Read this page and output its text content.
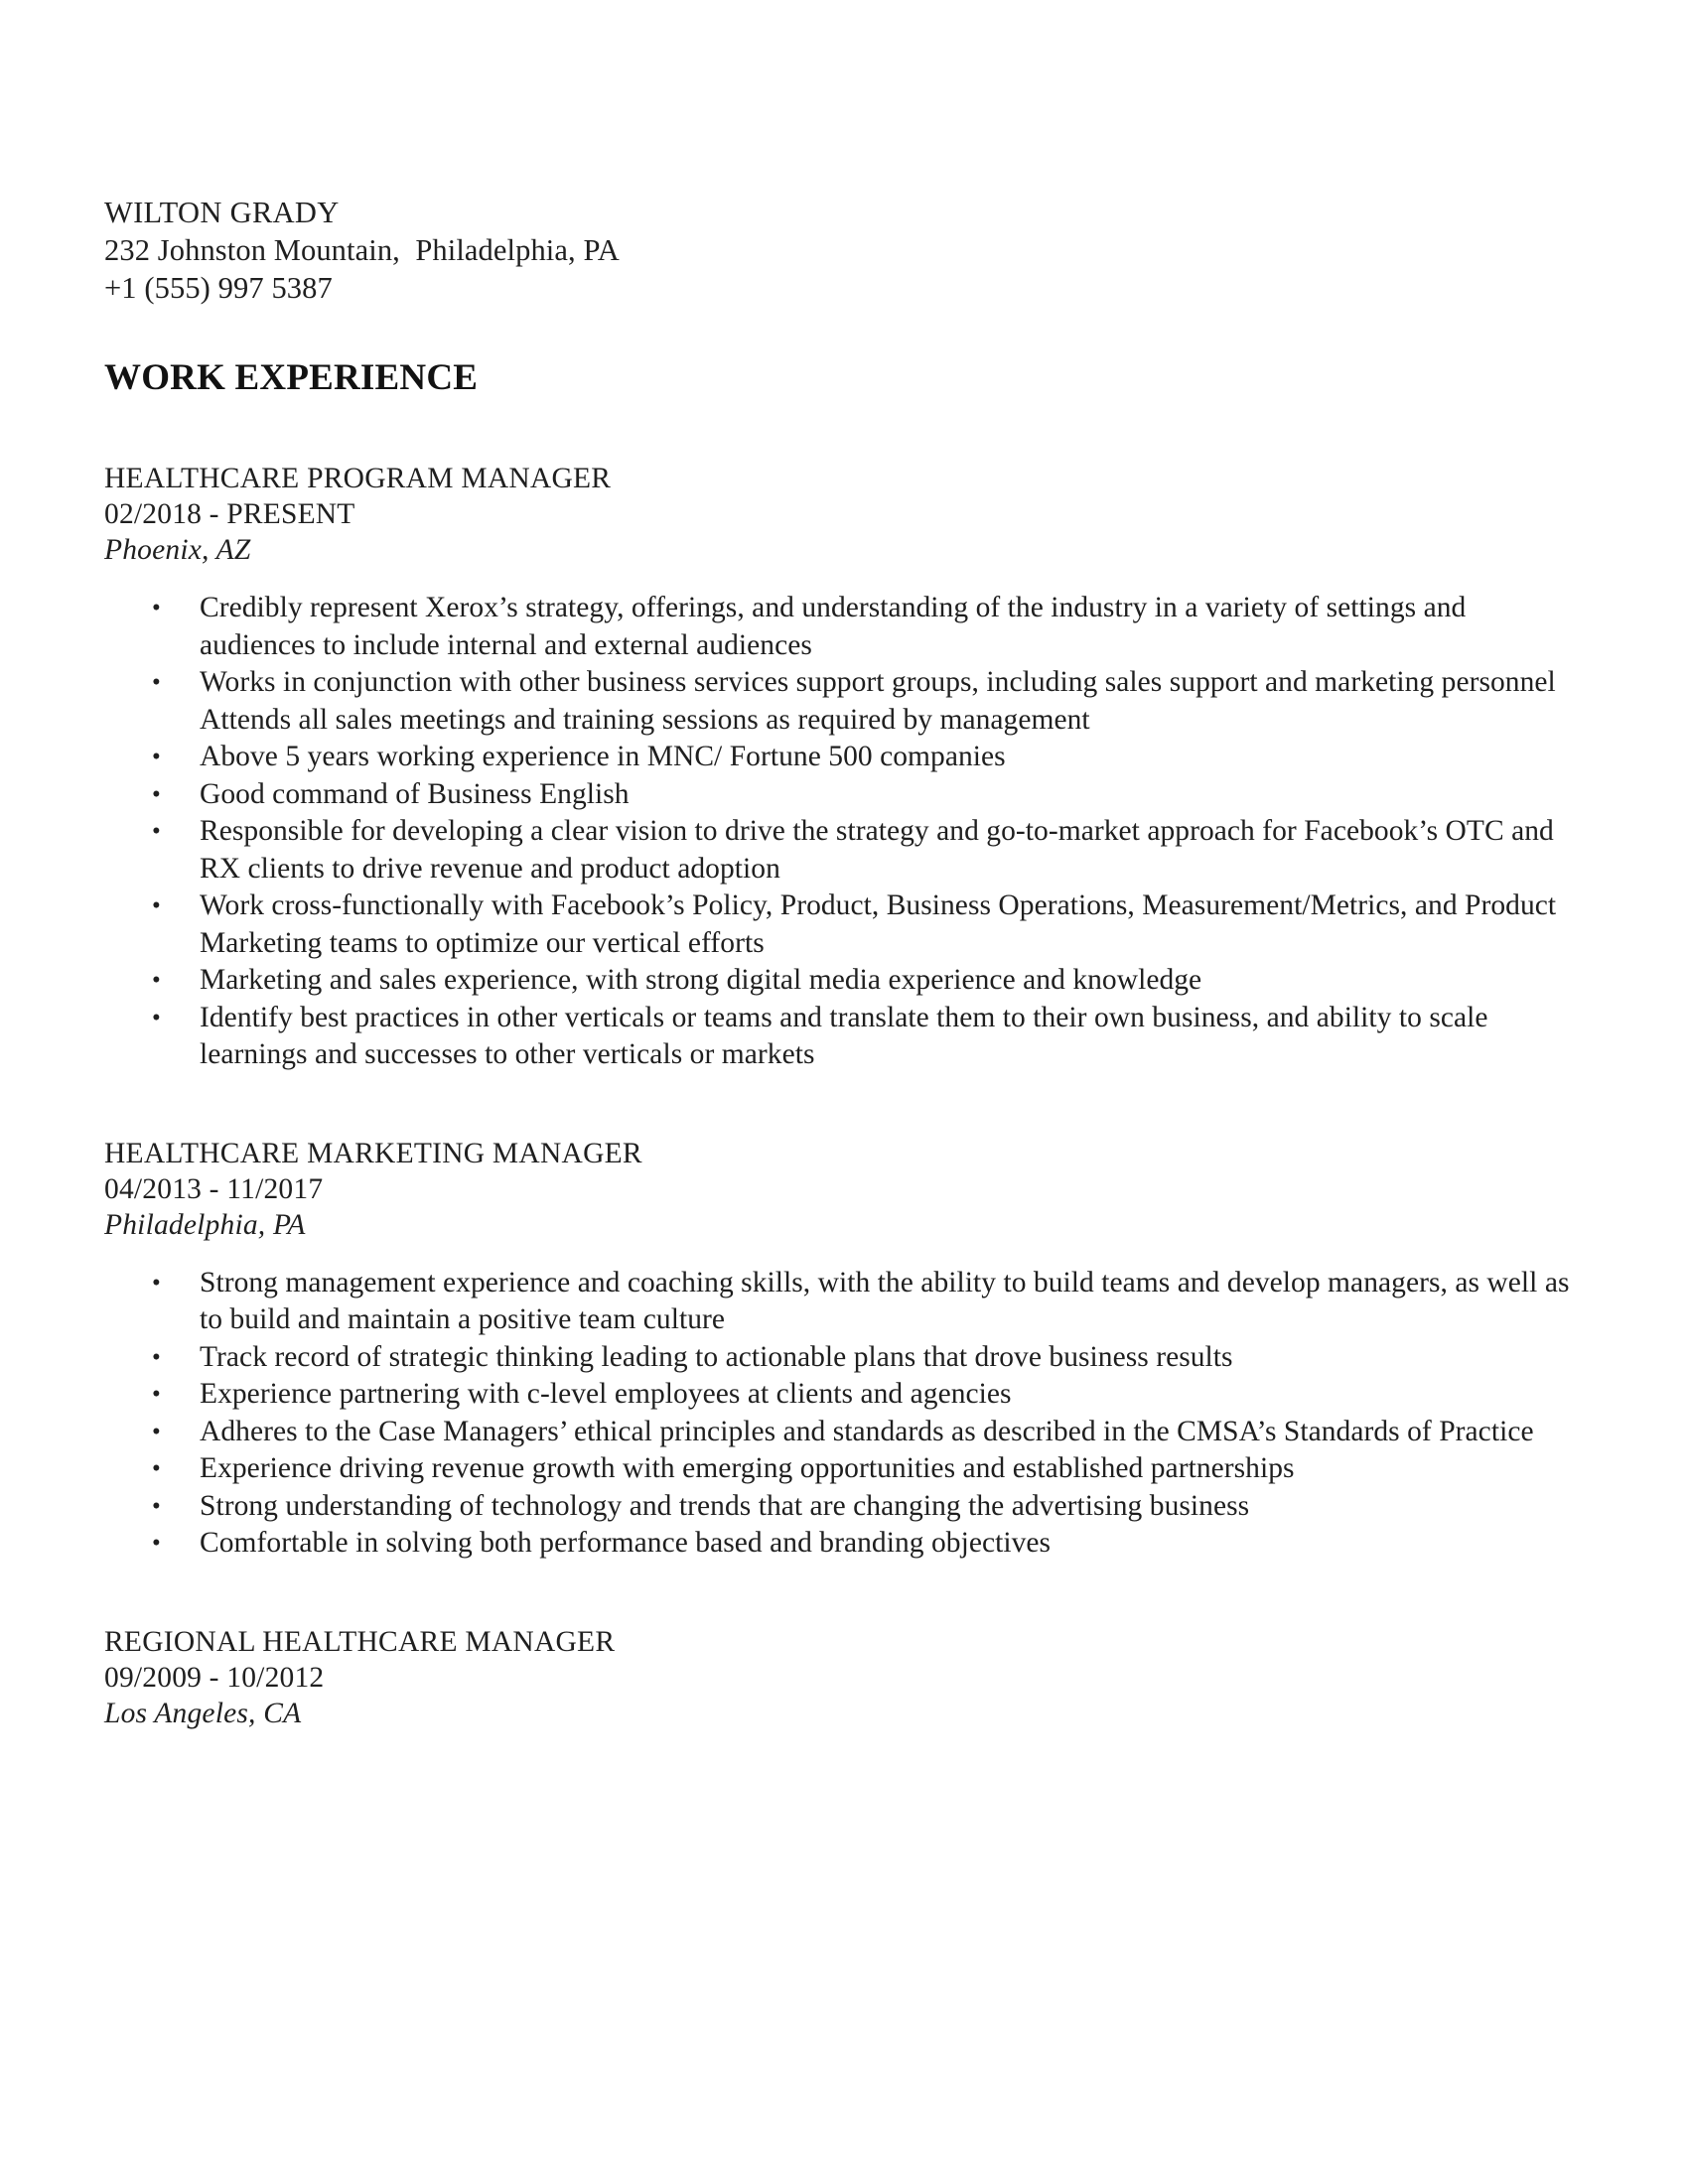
WILTON GRADY
232 Johnston Mountain,  Philadelphia, PA
+1 (555) 997 5387
WORK EXPERIENCE
HEALTHCARE PROGRAM MANAGER
02/2018 - PRESENT
Phoenix, AZ
• Credibly represent Xerox’s strategy, offerings, and understanding of the industry in a variety of settings and audiences to include internal and external audiences
• Works in conjunction with other business services support groups, including sales support and marketing personnel Attends all sales meetings and training sessions as required by management
• Above 5 years working experience in MNC/ Fortune 500 companies
• Good command of Business English
• Responsible for developing a clear vision to drive the strategy and go-to-market approach for Facebook’s OTC and RX clients to drive revenue and product adoption
• Work cross-functionally with Facebook’s Policy, Product, Business Operations, Measurement/Metrics, and Product Marketing teams to optimize our vertical efforts
• Marketing and sales experience, with strong digital media experience and knowledge
• Identify best practices in other verticals or teams and translate them to their own business, and ability to scale learnings and successes to other verticals or markets
HEALTHCARE MARKETING MANAGER
04/2013 - 11/2017
Philadelphia, PA
• Strong management experience and coaching skills, with the ability to build teams and develop managers, as well as to build and maintain a positive team culture
• Track record of strategic thinking leading to actionable plans that drove business results
• Experience partnering with c-level employees at clients and agencies
• Adheres to the Case Managers’ ethical principles and standards as described in the CMSA’s Standards of Practice
• Experience driving revenue growth with emerging opportunities and established partnerships
• Strong understanding of technology and trends that are changing the advertising business
• Comfortable in solving both performance based and branding objectives
REGIONAL HEALTHCARE MANAGER
09/2009 - 10/2012
Los Angeles, CA
